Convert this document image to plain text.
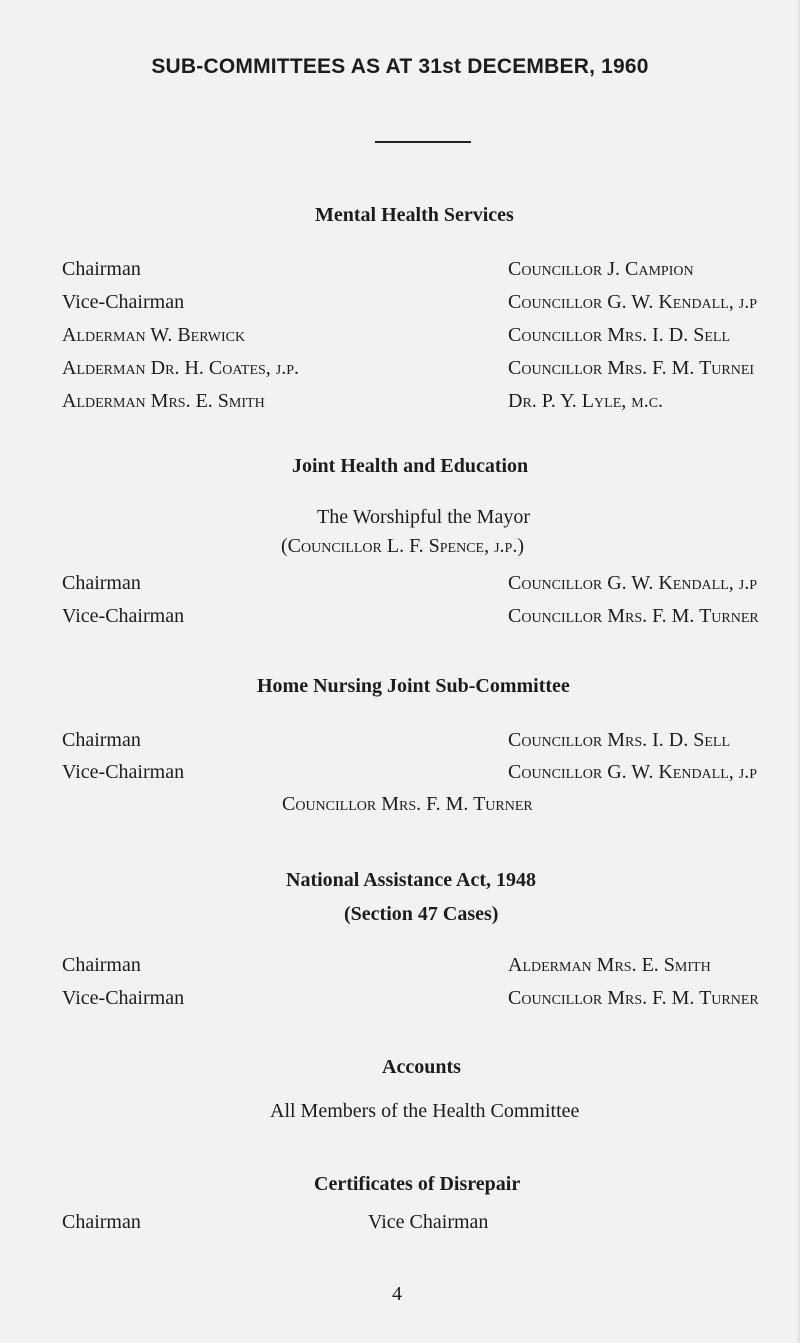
SUB-COMMITTEES AS AT 31st DECEMBER, 1960
Mental Health Services
Chairman	Councillor J. Campion
Vice-Chairman	Councillor G. W. Kendall, j.p
Alderman W. Berwick	Councillor Mrs. I. D. Sell
Alderman Dr. H. Coates, j.p.	Councillor Mrs. F. M. Turnei
Alderman Mrs. E. Smith	Dr. P. Y. Lyle, m.c.
Joint Health and Education
The Worshipful the Mayor
(Councillor L. F. Spence, j.p.)
Chairman	Councillor G. W. Kendall, j.p
Vice-Chairman	Councillor Mrs. F. M. Turner
Home Nursing Joint Sub-Committee
Chairman	Councillor Mrs. I. D. Sell
Vice-Chairman	Councillor G. W. Kendall, j.p
Councillor Mrs. F. M. Turner
National Assistance Act, 1948
(Section 47 Cases)
Chairman	Alderman Mrs. E. Smith
Vice-Chairman	Councillor Mrs. F. M. Turner
Accounts
All Members of the Health Committee
Certificates of Disrepair
Chairman	Vice Chairman
4
